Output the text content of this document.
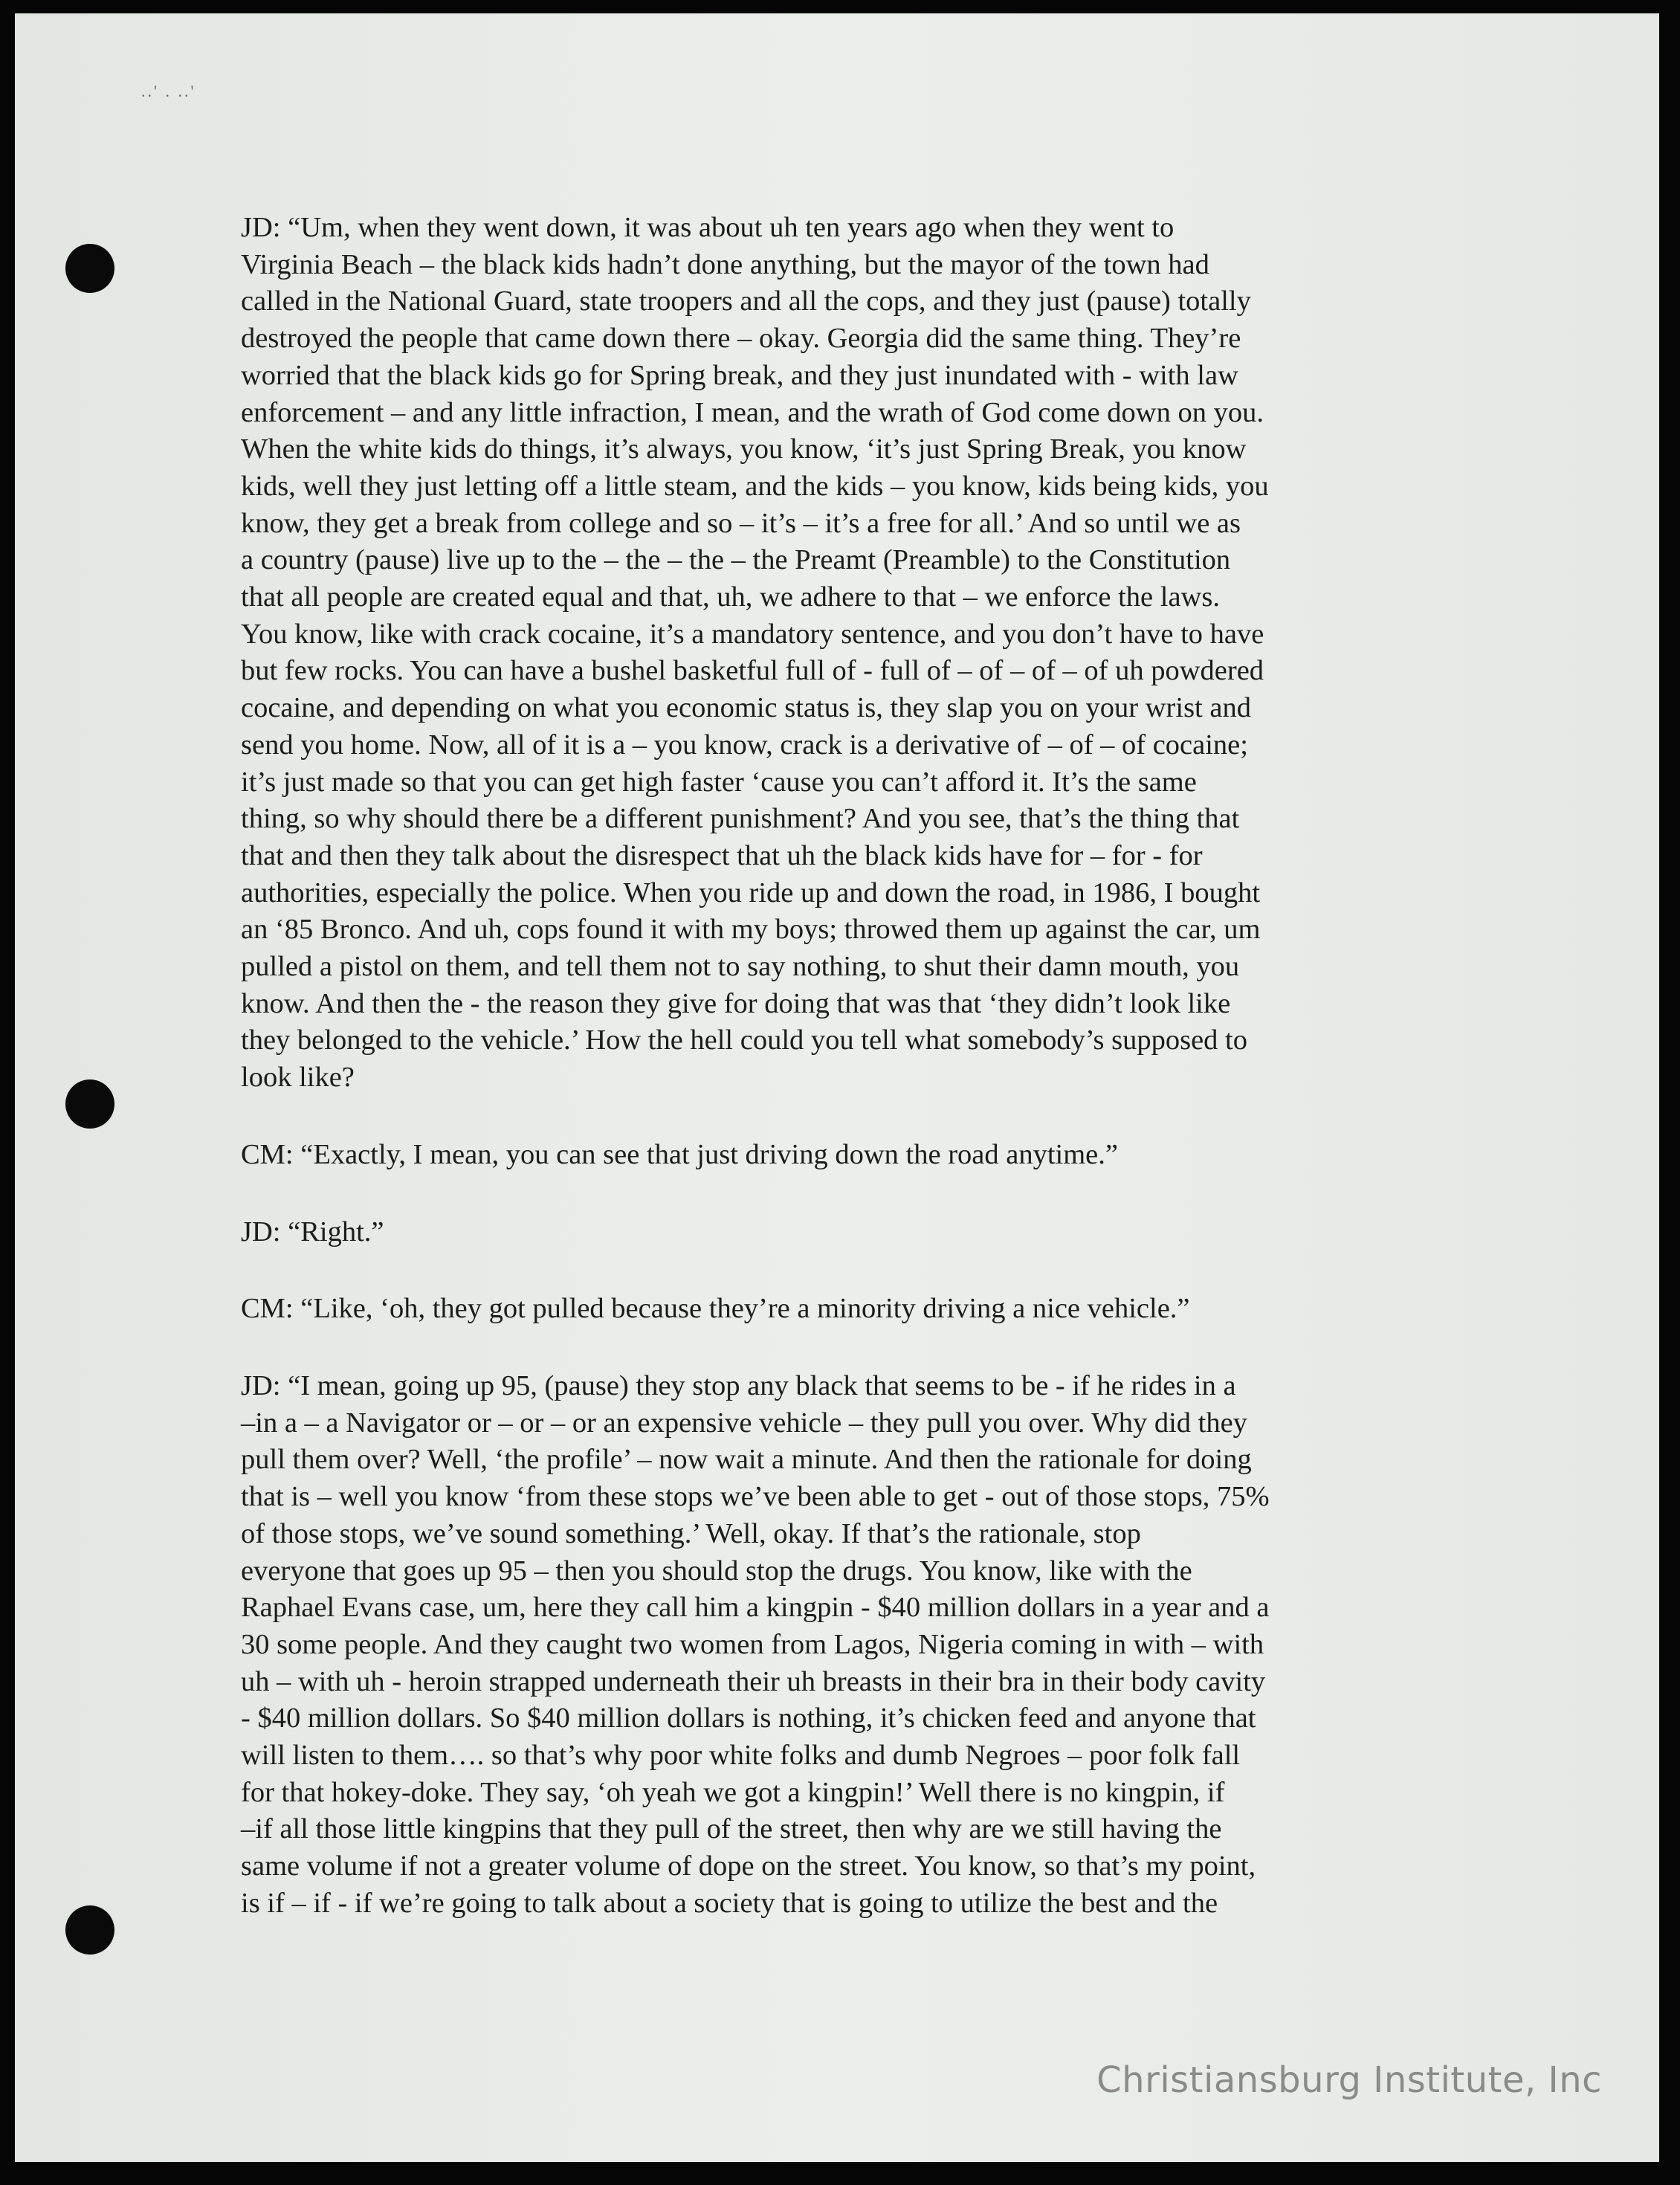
..' . ..'

JD: “Um, when they went down, it was about uh ten years ago when they went to
Virginia Beach – the black kids hadn’t done anything, but the mayor of the town had
called in the National Guard, state troopers and all the cops, and they just (pause) totally
destroyed the people that came down there – okay. Georgia did the same thing. They’re
worried that the black kids go for Spring break, and they just inundated with - with law
enforcement – and any little infraction, I mean, and the wrath of God come down on you.
When the white kids do things, it’s always, you know, ‘it’s just Spring Break, you know
kids, well they just letting off a little steam, and the kids – you know, kids being kids, you
know, they get a break from college and so – it’s – it’s a free for all.’ And so until we as
a country (pause) live up to the – the – the – the Preamt (Preamble) to the Constitution
that all people are created equal and that, uh, we adhere to that – we enforce the laws.
You know, like with crack cocaine, it’s a mandatory sentence, and you don’t have to have
but few rocks. You can have a bushel basketful full of - full of – of – of – of uh powdered
cocaine, and depending on what you economic status is, they slap you on your wrist and
send you home. Now, all of it is a – you know, crack is a derivative of – of – of cocaine;
it’s just made so that you can get high faster ‘cause you can’t afford it. It’s the same
thing, so why should there be a different punishment? And you see, that’s the thing that
that and then they talk about the disrespect that uh the black kids have for – for - for
authorities, especially the police. When you ride up and down the road, in 1986, I bought
an ‘85 Bronco. And uh, cops found it with my boys; throwed them up against the car, um
pulled a pistol on them, and tell them not to say nothing, to shut their damn mouth, you
know. And then the - the reason they give for doing that was that ‘they didn’t look like
they belonged to the vehicle.’ How the hell could you tell what somebody’s supposed to
look like?

CM: “Exactly, I mean, you can see that just driving down the road anytime.”

JD: “Right.”

CM: “Like, ‘oh, they got pulled because they’re a minority driving a nice vehicle.”

JD: “I mean, going up 95, (pause) they stop any black that seems to be - if he rides in a
–in a – a Navigator or – or – or an expensive vehicle – they pull you over. Why did they
pull them over? Well, ‘the profile’ – now wait a minute. And then the rationale for doing
that is – well you know ‘from these stops we’ve been able to get - out of those stops, 75%
of those stops, we’ve sound something.’ Well, okay. If that’s the rationale, stop
everyone that goes up 95 – then you should stop the drugs. You know, like with the
Raphael Evans case, um, here they call him a kingpin - $40 million dollars in a year and a
30 some people. And they caught two women from Lagos, Nigeria coming in with – with
uh – with uh - heroin strapped underneath their uh breasts in their bra in their body cavity
- $40 million dollars. So $40 million dollars is nothing, it’s chicken feed and anyone that
will listen to them…. so that’s why poor white folks and dumb Negroes – poor folk fall
for that hokey-doke. They say, ‘oh yeah we got a kingpin!’ Well there is no kingpin, if
–if all those little kingpins that they pull of the street, then why are we still having the
same volume if not a greater volume of dope on the street. You know, so that’s my point,
is if – if - if we’re going to talk about a society that is going to utilize the best and the

Christiansburg Institute, Inc
